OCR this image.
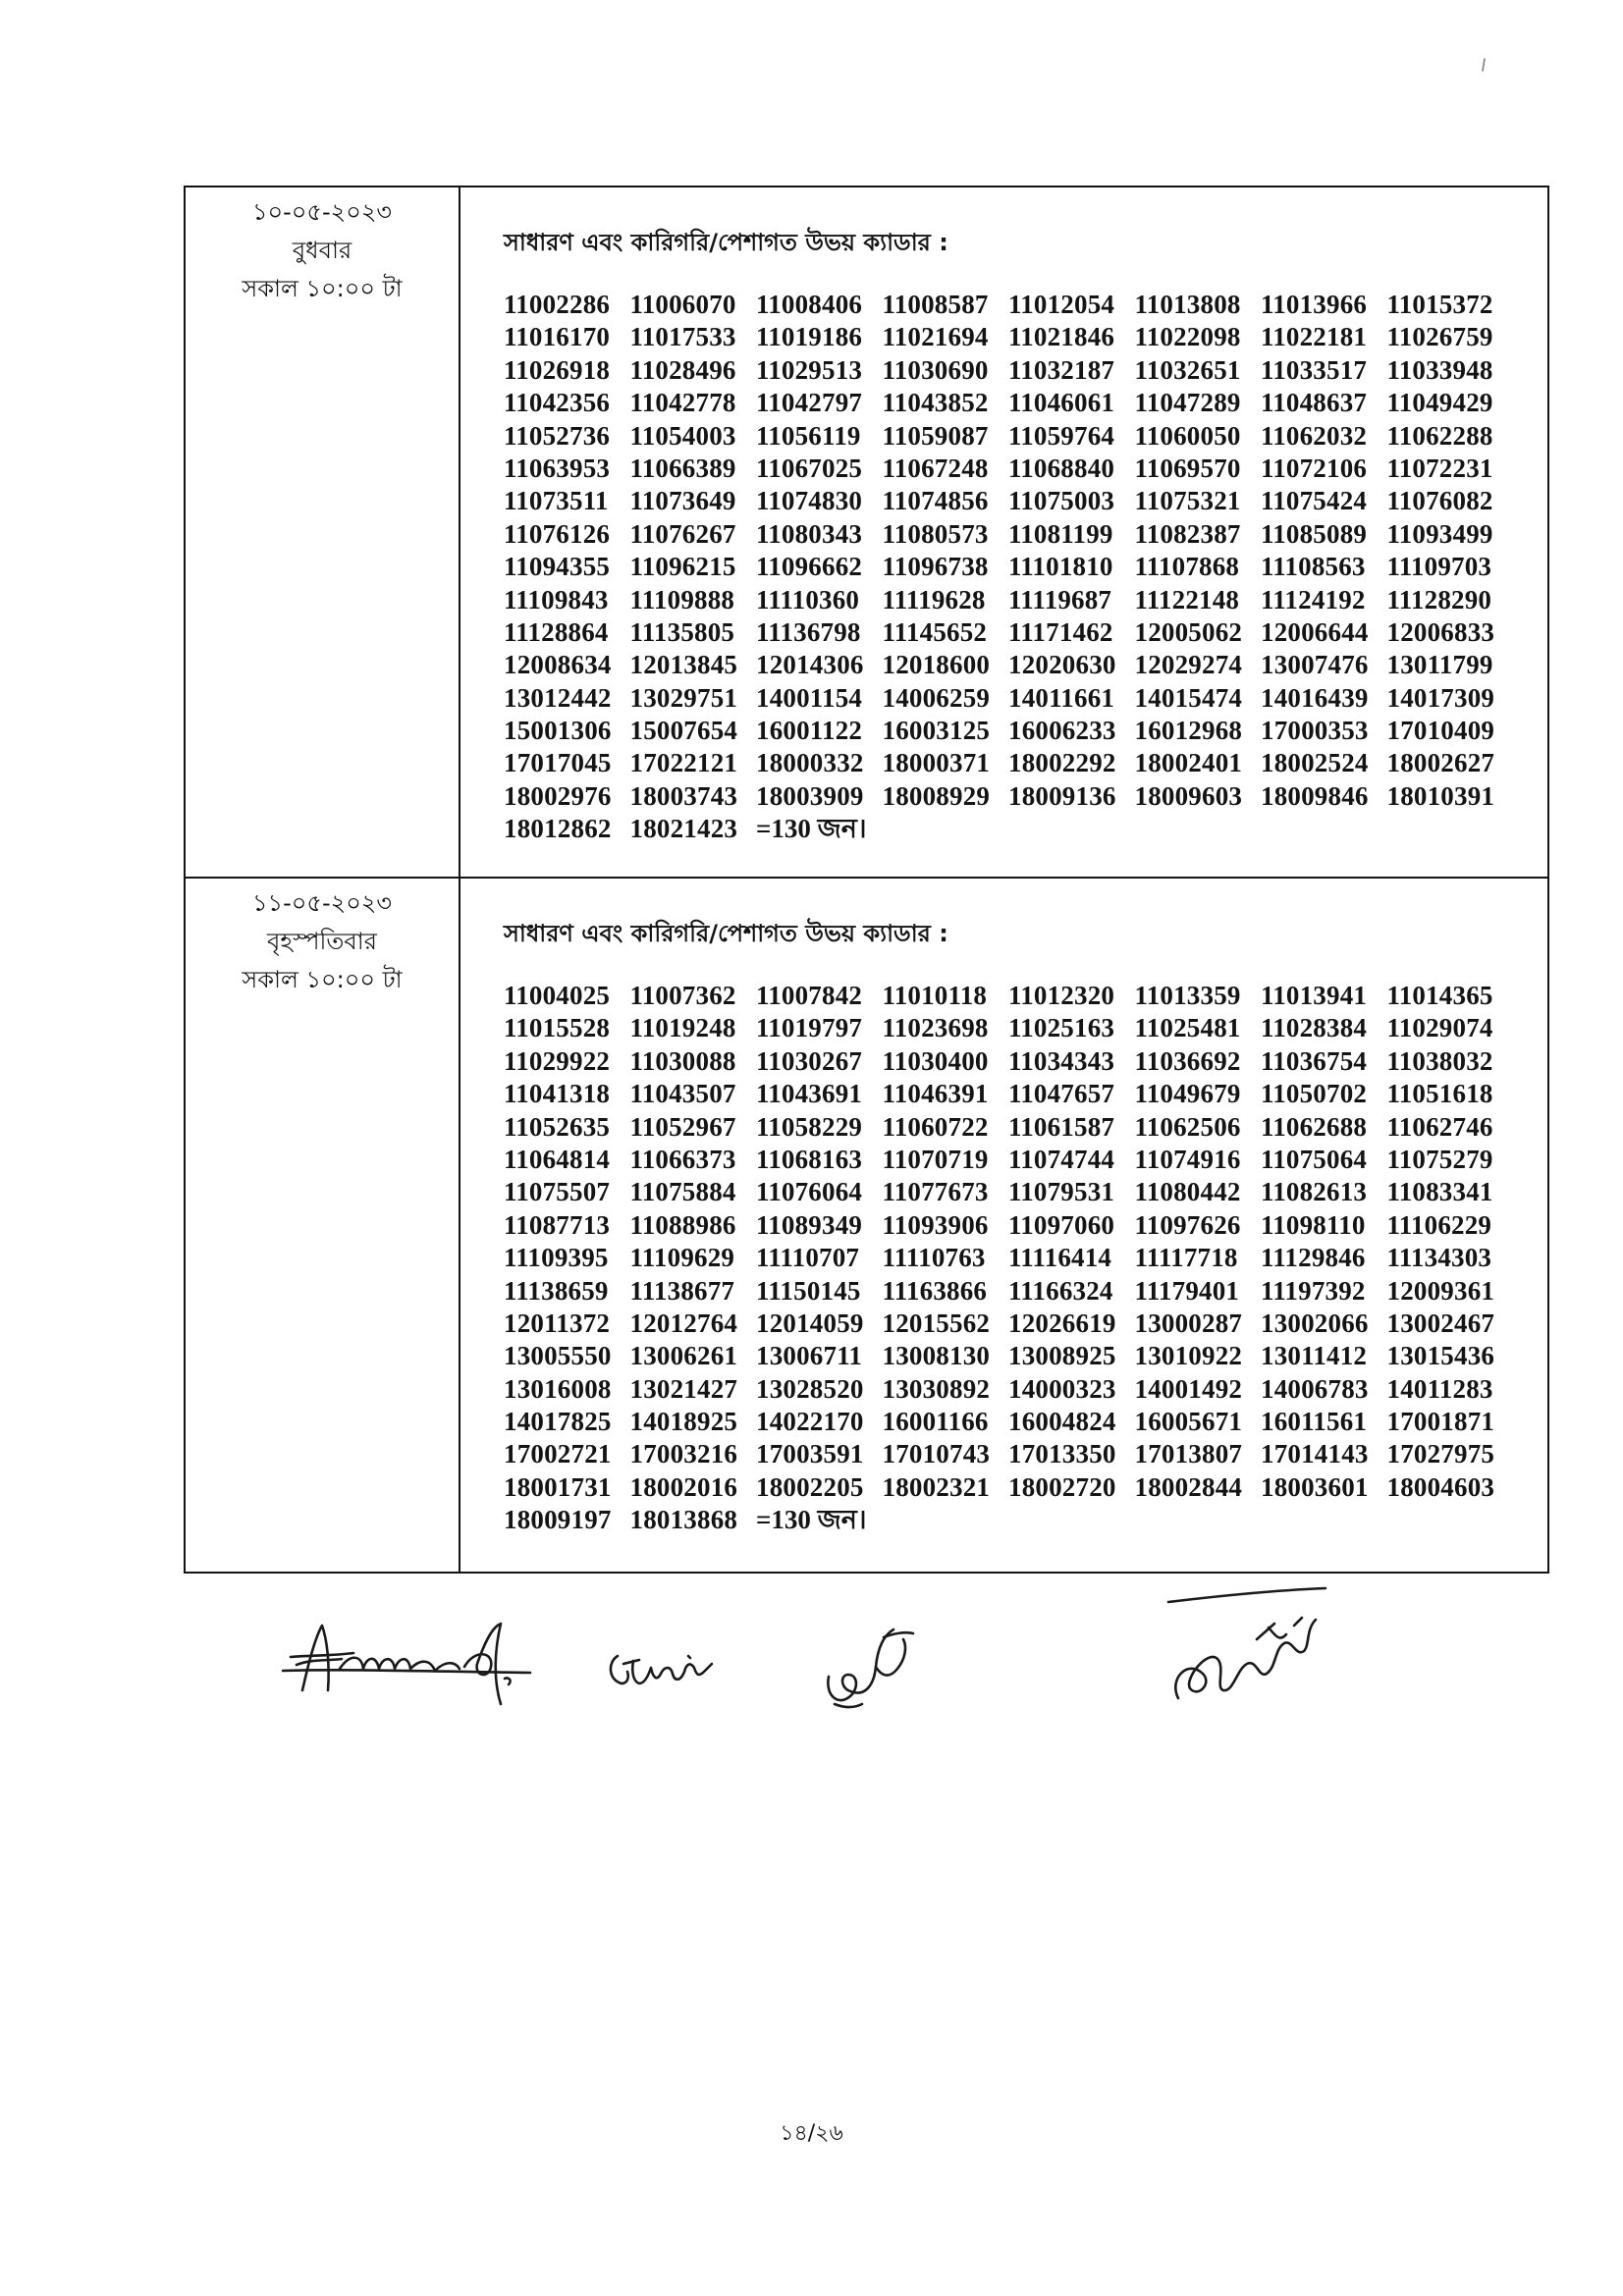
১০-০৫-২০২৩
বুধবার
সকাল ১০:০০ টা
সাধারণ এবং কারিগরি/পেশাগত উভয় ক্যাডার :
11002286 11006070 11008406 11008587 11012054 11013808 11013966 11015372
11016170 11017533 11019186 11021694 11021846 11022098 11022181 11026759
11026918 11028496 11029513 11030690 11032187 11032651 11033517 11033948
11042356 11042778 11042797 11043852 11046061 11047289 11048637 11049429
11052736 11054003 11056119 11059087 11059764 11060050 11062032 11062288
11063953 11066389 11067025 11067248 11068840 11069570 11072106 11072231
11073511 11073649 11074830 11074856 11075003 11075321 11075424 11076082
11076126 11076267 11080343 11080573 11081199 11082387 11085089 11093499
11094355 11096215 11096662 11096738 11101810 11107868 11108563 11109703
11109843 11109888 11110360 11119628 11119687 11122148 11124192 11128290
11128864 11135805 11136798 11145652 11171462 12005062 12006644 12006833
12008634 12013845 12014306 12018600 12020630 12029274 13007476 13011799
13012442 13029751 14001154 14006259 14011661 14015474 14016439 14017309
15001306 15007654 16001122 16003125 16006233 16012968 17000353 17010409
17017045 17022121 18000332 18000371 18002292 18002401 18002524 18002627
18002976 18003743 18003909 18008929 18009136 18009603 18009846 18010391
18012862 18021423 =130 জন।
১১-০৫-২০২৩
বৃহস্পতিবার
সকাল ১০:০০ টা
সাধারণ এবং কারিগরি/পেশাগত উভয় ক্যাডার :
11004025 11007362 11007842 11010118 11012320 11013359 11013941 11014365
11015528 11019248 11019797 11023698 11025163 11025481 11028384 11029074
11029922 11030088 11030267 11030400 11034343 11036692 11036754 11038032
11041318 11043507 11043691 11046391 11047657 11049679 11050702 11051618
11052635 11052967 11058229 11060722 11061587 11062506 11062688 11062746
11064814 11066373 11068163 11070719 11074744 11074916 11075064 11075279
11075507 11075884 11076064 11077673 11079531 11080442 11082613 11083341
11087713 11088986 11089349 11093906 11097060 11097626 11098110 11106229
11109395 11109629 11110707 11110763 11116414 11117718 11129846 11134303
11138659 11138677 11150145 11163866 11166324 11179401 11197392 12009361
12011372 12012764 12014059 12015562 12026619 13000287 13002066 13002467
13005550 13006261 13006711 13008130 13008925 13010922 13011412 13015436
13016008 13021427 13028520 13030892 14000323 14001492 14006783 14011283
14017825 14018925 14022170 16001166 16004824 16005671 16011561 17001871
17002721 17003216 17003591 17010743 17013350 17013807 17014143 17027975
18001731 18002016 18002205 18002321 18002720 18002844 18003601 18004603
18009197 18013868 =130 জন।
১৪/২৬
